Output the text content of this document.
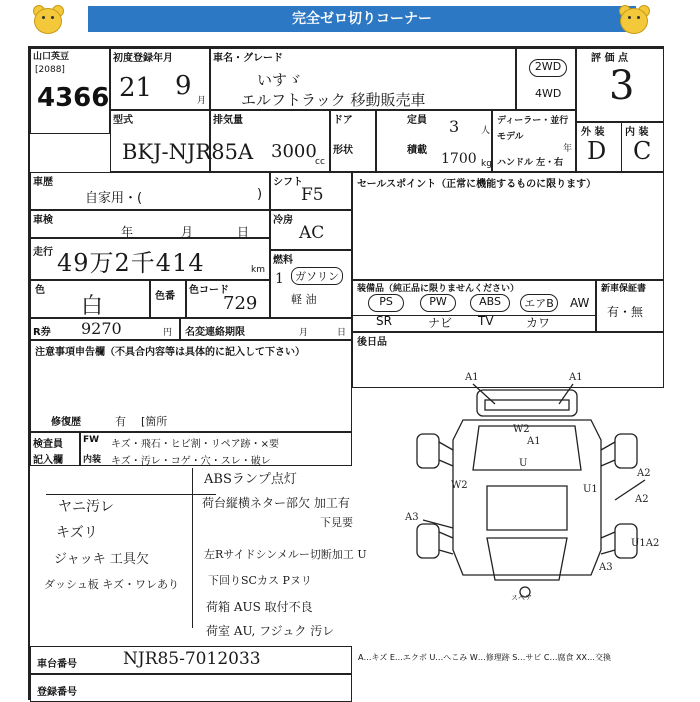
完全ゼロ切りコーナー
山口英豆
[2088]
4366
初度登録年月
21 9 月
車名・グレード
いすゞ
エルフトラック 移動販売車
2WD
4WD
評 価 点
3
型式
BKJ-NJR85A
排気量
3000
cc
ドア
形状
定員 3 人
積載
1700 kg
ディーラー・並行
モデル
年
ハンドル 左・右
外 装 内 装
D C
車歴
自家用・(	)
車検
年	月	日
走行 49万2千414	km
色
白	色番
色コード
729
R券 9270	円 名変連絡期限	月	日
シフト
F5
冷房
AC
燃料
1	ガソリン
軽 油
セールスポイント（正常に機能するものに限ります）
装備品（純正品に限りませんください）	新車保証書
有・無
PS	PW	ABS	エアB	AW
SR	ナビ TV	カワ
後日品
注意事項申告欄（不具合内容等は具体的に記入して下さい）
修復歴	有 [箇所
検査員
記入欄
FW キズ・飛石・ヒビ割・リペア跡・×要
内装 キズ・汚レ・コゲ・穴・スレ・破レ
ヤニ汚レ
キズリ
ジャッキ 工具欠
ダッシュ板 キズ・ワレあり
ABSランプ点灯
荷台縦横ネター部欠 加工有
下見要
左Rサイドシンメルー切断加工 U
下回りSCカス Pヌリ
荷箱 AUS 取付不良
荷室 AU, フジュク 汚レ
車台番号	NJR85-7012033
登録番号
A…キズ E…エクボ U…へこみ W…修理跡 S…サビ C…腐食 XX…交換
A1	A1
W2
A1
U
W2	U1
A2
A3
A2
U1A2
A3
スペア
